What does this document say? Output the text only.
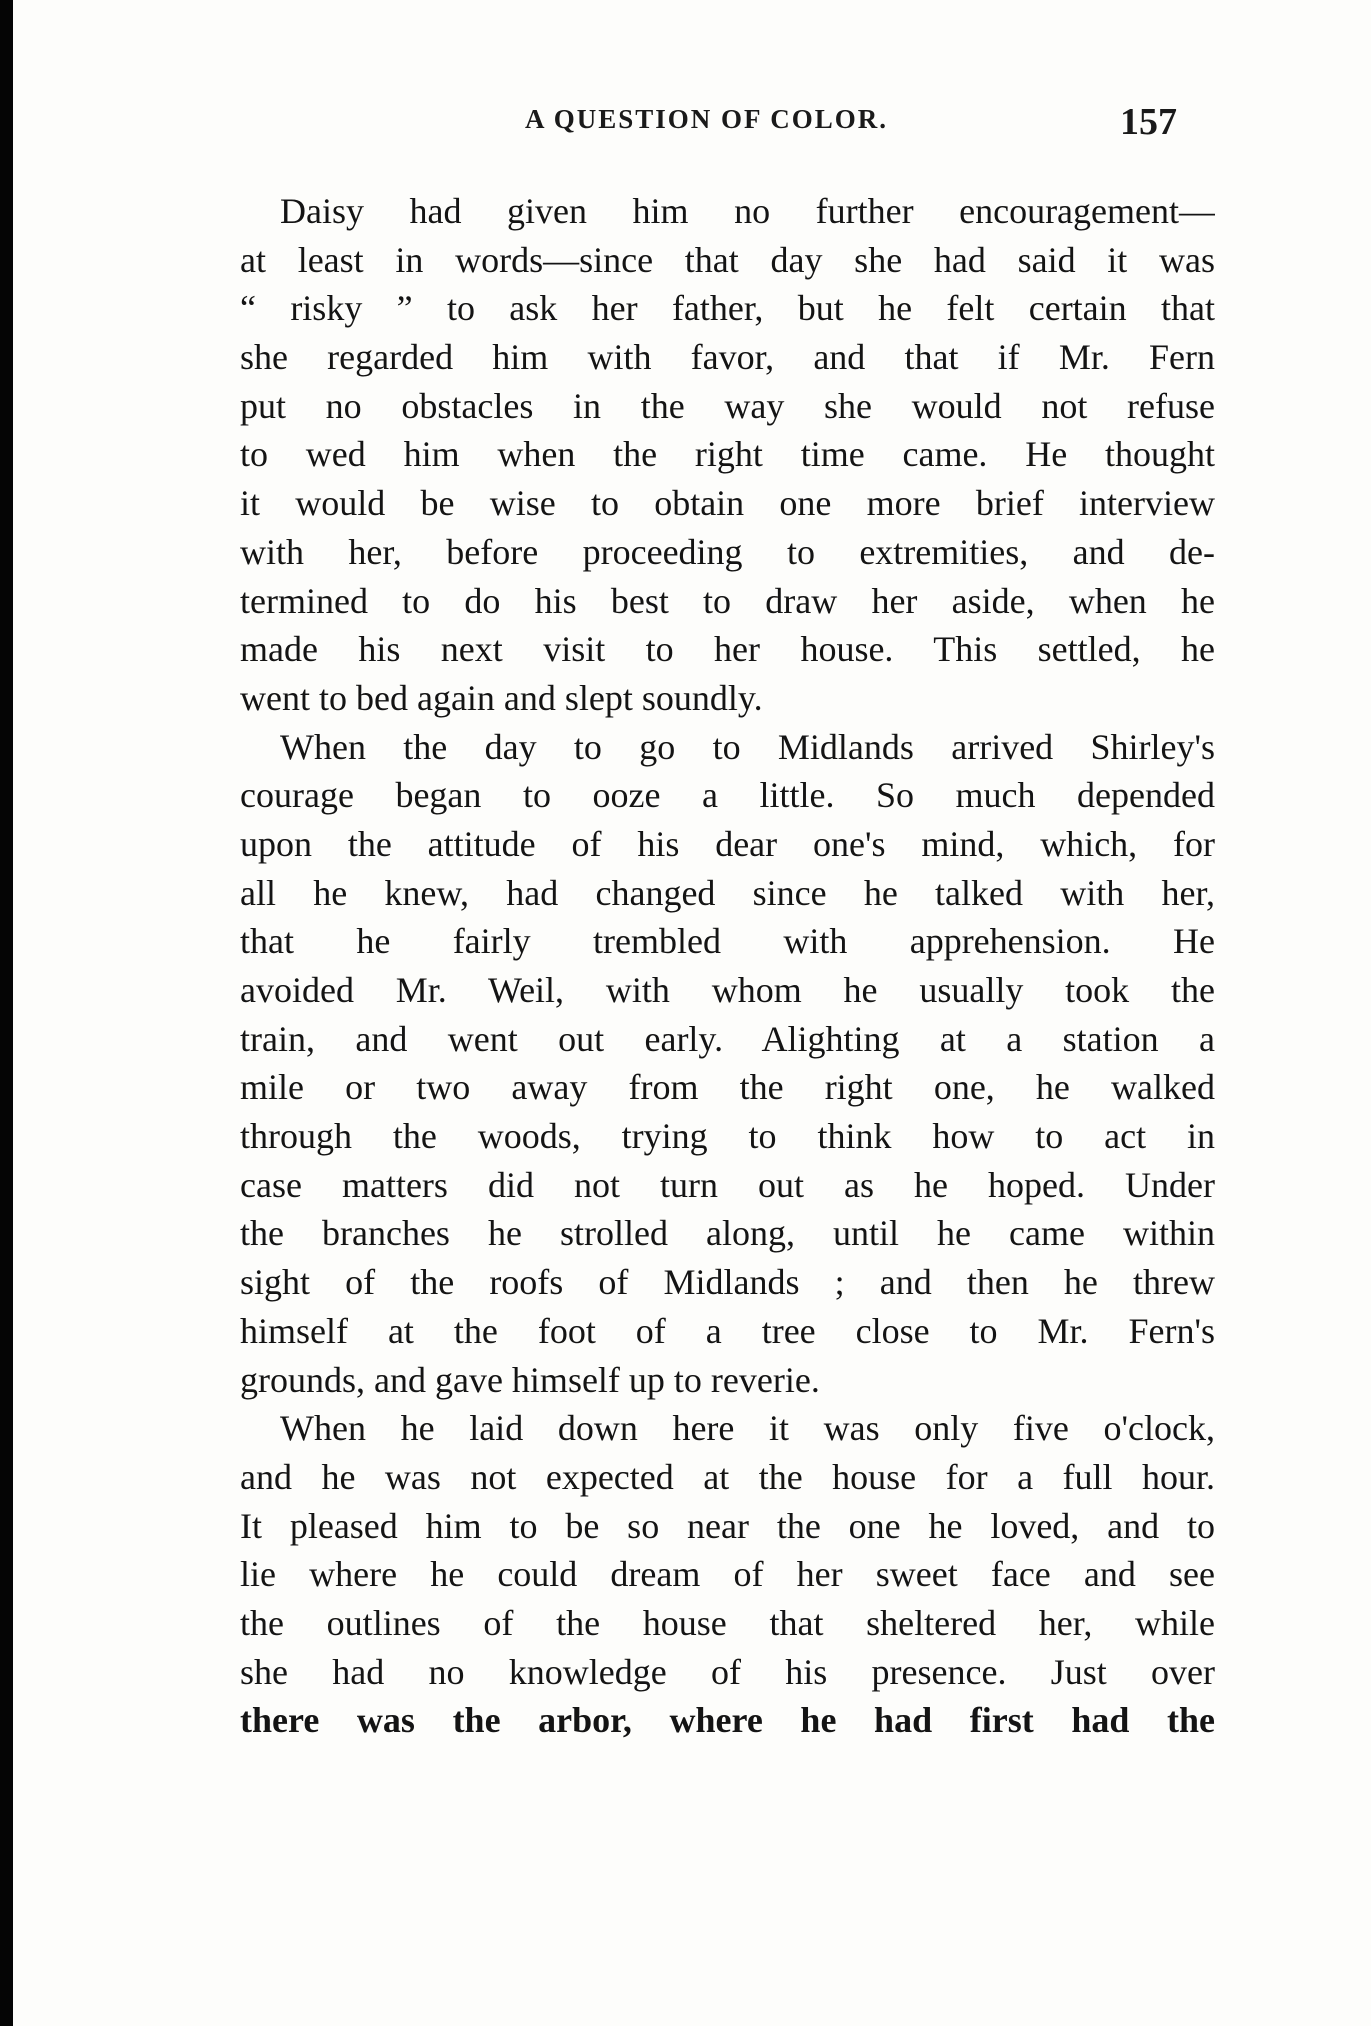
A QUESTION OF COLOR.	157
Daisy had given him no further encouragement—
at least in words—since that day she had said it was
“ risky ” to ask her father, but he felt certain that
she regarded him with favor, and that if Mr. Fern
put no obstacles in the way she would not refuse
to wed him when the right time came. He thought
it would be wise to obtain one more brief interview
with her, before proceeding to extremities, and de-
termined to do his best to draw her aside, when he
made his next visit to her house. This settled, he
went to bed again and slept soundly.
When the day to go to Midlands arrived Shirley's
courage began to ooze a little. So much depended
upon the attitude of his dear one's mind, which, for
all he knew, had changed since he talked with her,
that he fairly trembled with apprehension. He
avoided Mr. Weil, with whom he usually took the
train, and went out early. Alighting at a station a
mile or two away from the right one, he walked
through the woods, trying to think how to act in
case matters did not turn out as he hoped. Under
the branches he strolled along, until he came within
sight of the roofs of Midlands ; and then he threw
himself at the foot of a tree close to Mr. Fern's
grounds, and gave himself up to reverie.
When he laid down here it was only five o'clock,
and he was not expected at the house for a full hour.
It pleased him to be so near the one he loved, and to
lie where he could dream of her sweet face and see
the outlines of the house that sheltered her, while
she had no knowledge of his presence. Just over
there was the arbor, where he had first had the
